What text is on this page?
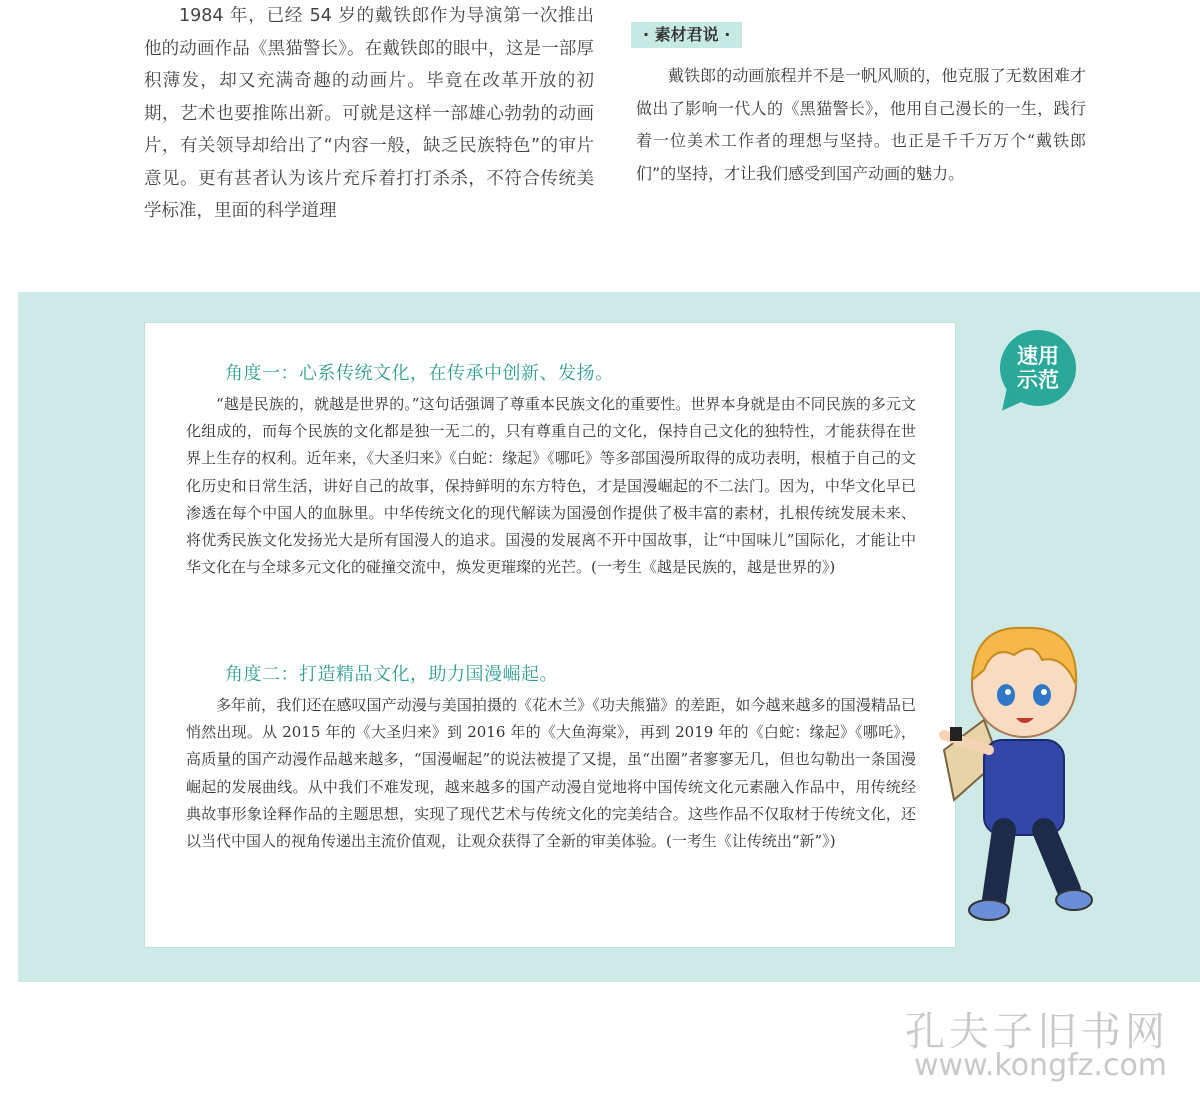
1984 年，已经 54 岁的戴铁郎作为导演第一次推出他的动画作品《黑猫警长》。在戴铁郎的眼中，这是一部厚积薄发，却又充满奇趣的动画片。毕竟在改革开放的初期，艺术也要推陈出新。可就是这样一部雄心勃勃的动画片，有关领导却给出了“内容一般，缺乏民族特色”的审片意见。更有甚者认为该片充斥着打打杀杀，不符合传统美学标准，里面的科学道理
· 素材君说 ·
戴铁郎的动画旅程并不是一帆风顺的，他克服了无数困难才做出了影响一代人的《黑猫警长》，他用自己漫长的一生，践行着一位美术工作者的理想与坚持。也正是千千万万个“戴铁郎们”的坚持，才让我们感受到国产动画的魅力。
角度一：心系传统文化，在传承中创新、发扬。
“越是民族的，就越是世界的。”这句话强调了尊重本民族文化的重要性。世界本身就是由不同民族的多元文化组成的，而每个民族的文化都是独一无二的，只有尊重自己的文化，保持自己文化的独特性，才能获得在世界上生存的权利。近年来，《大圣归来》《白蛇：缘起》《哪吒》等多部国漫所取得的成功表明，根植于自己的文化历史和日常生活，讲好自己的故事，保持鲜明的东方特色，才是国漫崛起的不二法门。因为，中华文化早已渗透在每个中国人的血脉里。中华传统文化的现代解读为国漫创作提供了极丰富的素材，扎根传统发展未来、将优秀民族文化发扬光大是所有国漫人的追求。国漫的发展离不开中国故事，让“中国味儿”国际化，才能让中华文化在与全球多元文化的碰撞交流中，焕发更璀璨的光芒。(一考生《越是民族的，越是世界的》)
角度二：打造精品文化，助力国漫崛起。
多年前，我们还在感叹国产动漫与美国拍摄的《花木兰》《功夫熊猫》的差距，如今越来越多的国漫精品已悄然出现。从 2015 年的《大圣归来》到 2016 年的《大鱼海棠》，再到 2019 年的《白蛇：缘起》《哪吒》，高质量的国产动漫作品越来越多，“国漫崛起”的说法被提了又提，虽“出圈”者寥寥无几，但也勾勒出一条国漫崛起的发展曲线。从中我们不难发现，越来越多的国产动漫自觉地将中国传统文化元素融入作品中，用传统经典故事形象诠释作品的主题思想，实现了现代艺术与传统文化的完美结合。这些作品不仅取材于传统文化，还以当代中国人的视角传递出主流价值观，让观众获得了全新的审美体验。(一考生《让传统出“新”》)
速用
示范
孔夫子旧书网
www.kongfz.com
